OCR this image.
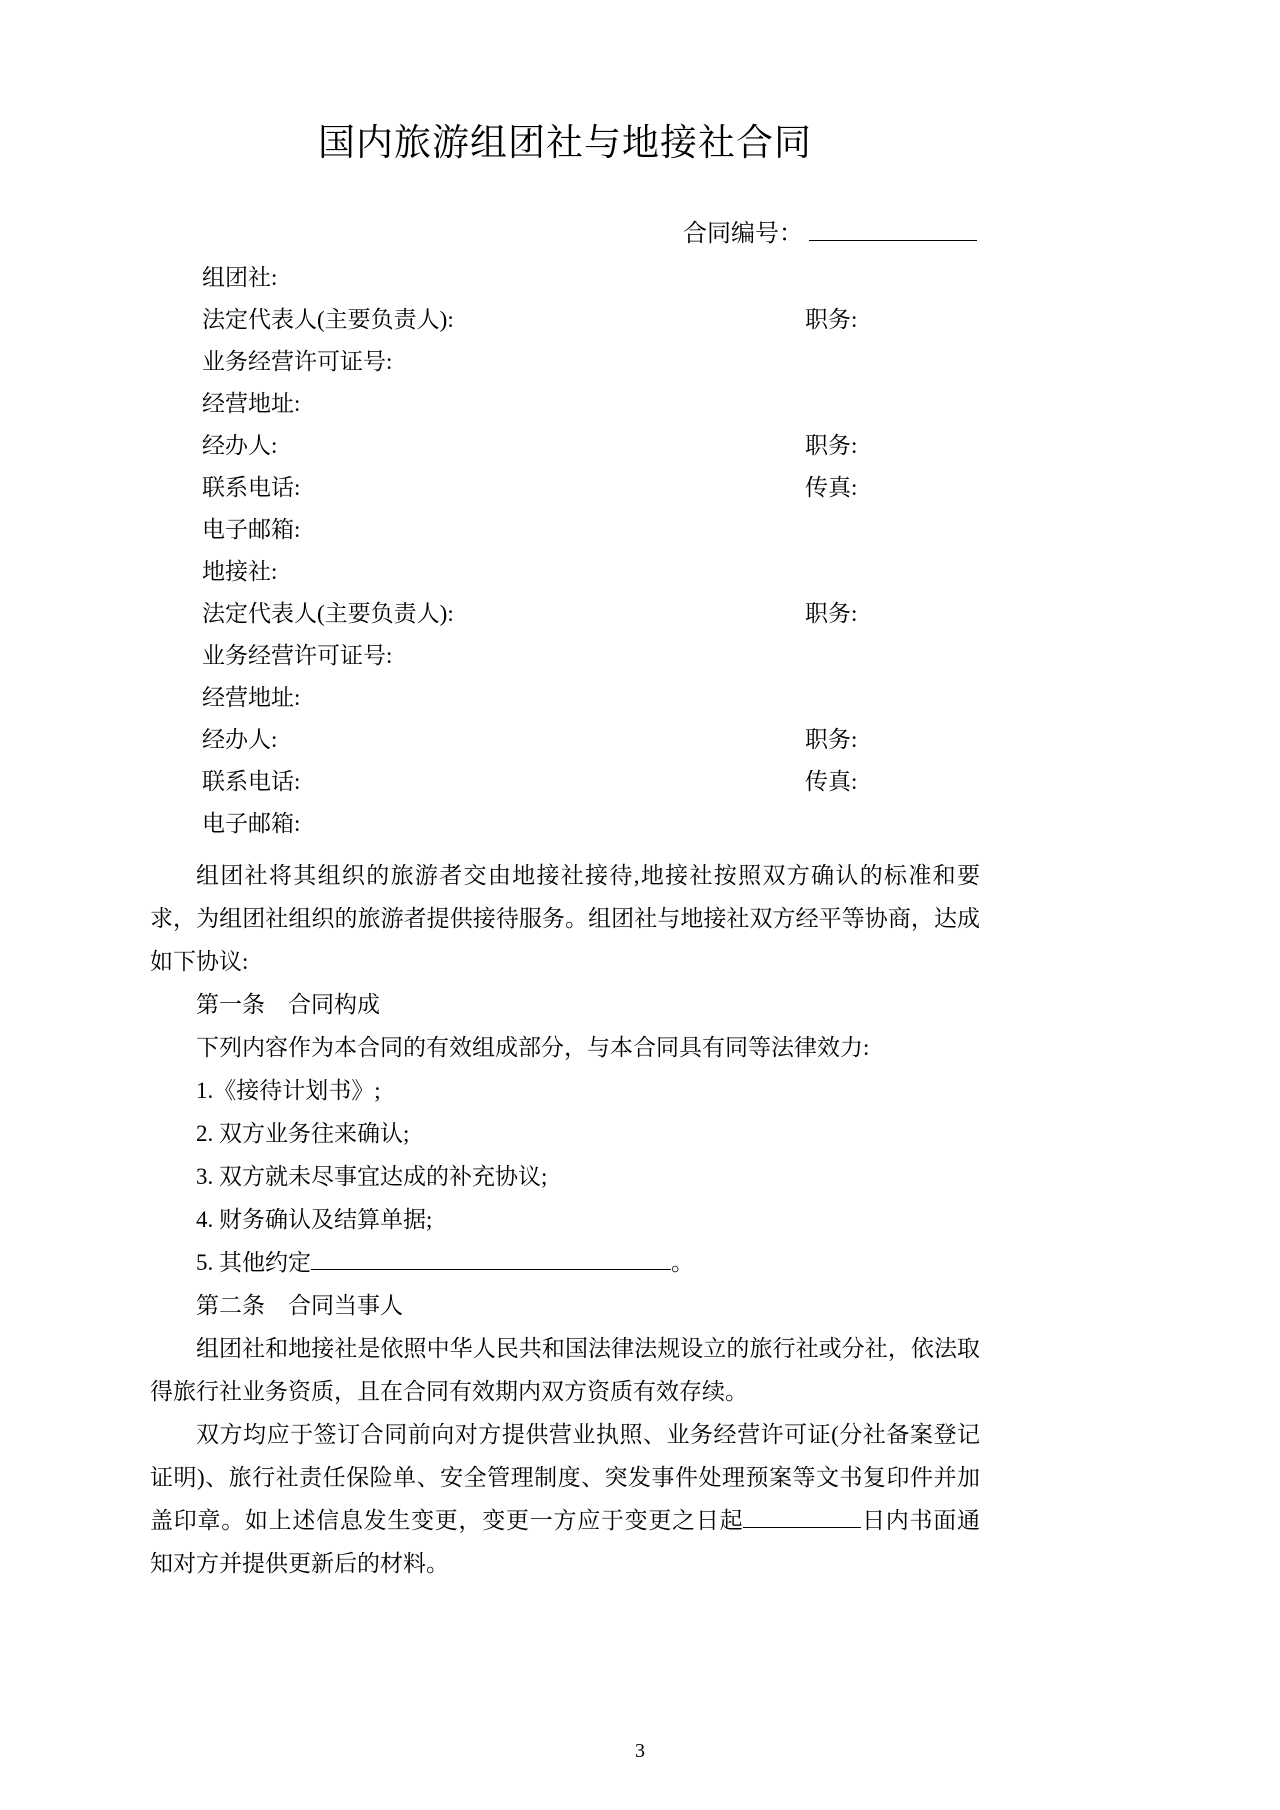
国内旅游组团社与地接社合同
合同编号：
组团社:
法定代表人(主要负责人):	职务:
业务经营许可证号:
经营地址:
经办人:	职务:
联系电话:	传真:
电子邮箱:
地接社:
法定代表人(主要负责人):	职务:
业务经营许可证号:
经营地址:
经办人:	职务:
联系电话:	传真:
电子邮箱:

组团社将其组织的旅游者交由地接社接待,地接社按照双方确认的标准和要求，为组团社组织的旅游者提供接待服务。组团社与地接社双方经平等协商，达成如下协议:

第一条　 合同构成

下列内容作为本合同的有效组成部分，与本合同具有同等法律效力:

1.《接待计划书》;

2. 双方业务往来确认;

3. 双方就未尽事宜达成的补充协议;

4. 财务确认及结算单据;

5. 其他约定	。

第二条　 合同当事人

组团社和地接社是依照中华人民共和国法律法规设立的旅行社或分社，依法取得旅行社业务资质，且在合同有效期内双方资质有效存续。

双方均应于签订合同前向对方提供营业执照、业务经营许可证(分社备案登记证明)、旅行社责任保险单、安全管理制度、突发事件处理预案等文书复印件并加盖印章。如上述信息发生变更，变更一方应于变更之日起	日内书面通知对方并提供更新后的材料。

3
